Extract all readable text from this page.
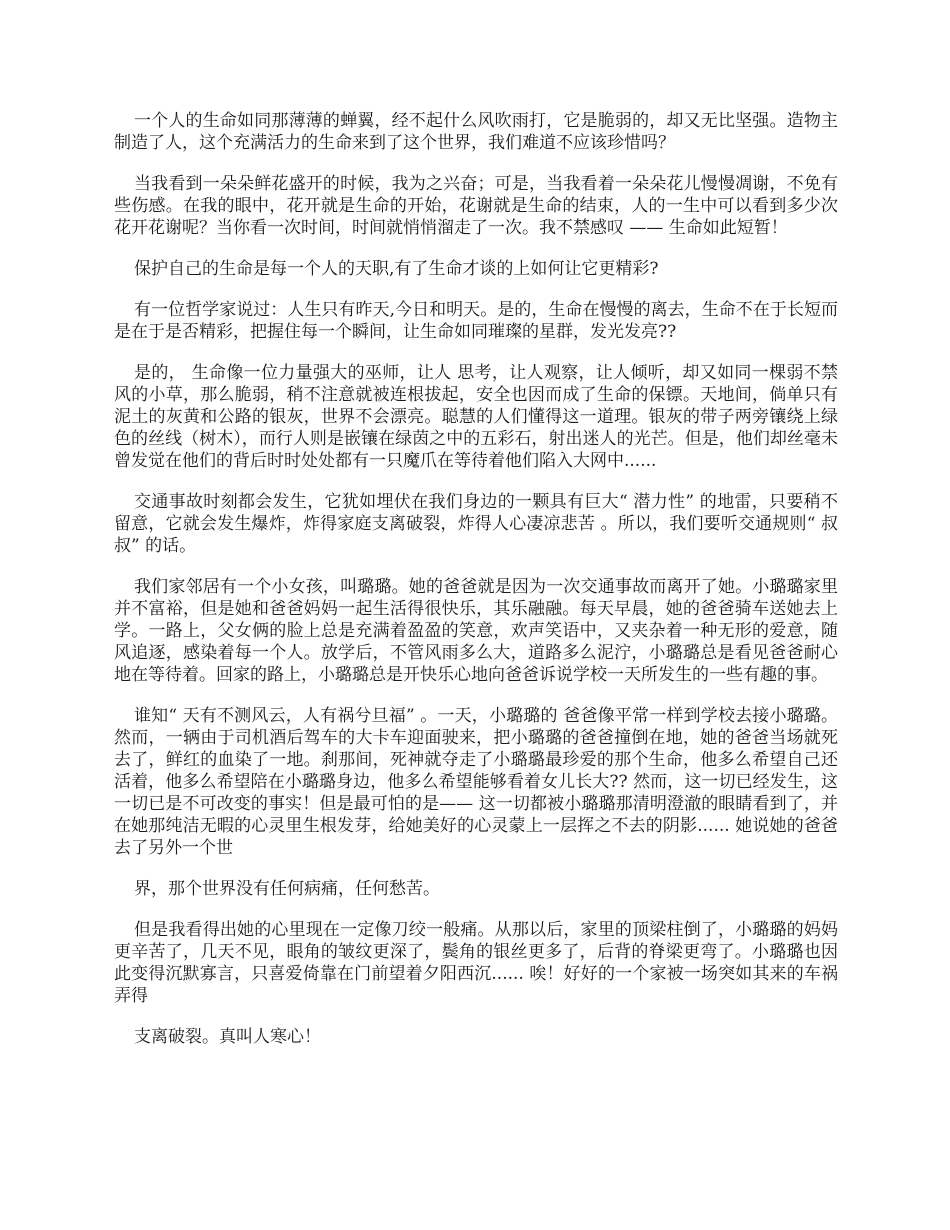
一个人的生命如同那薄薄的蝉翼，经不起什么风吹雨打，它是脆弱的，却又无比坚强。造物主制造了人，这个充满活力的生命来到了这个世界，我们难道不应该珍惜吗？

当我看到一朵朵鲜花盛开的时候，我为之兴奋；可是，当我看着一朵朵花儿慢慢凋谢，不免有些伤感。在我的眼中，花开就是生命的开始，花谢就是生命的结束，人的一生中可以看到多少次花开花谢呢？当你看一次时间，时间就悄悄溜走了一次。我不禁感叹 —— 生命如此短暂！

保护自己的生命是每一个人的天职,有了生命才谈的上如何让它更精彩?

有一位哲学家说过：人生只有昨天,今日和明天。是的，生命在慢慢的离去，生命不在于长短而是在于是否精彩，把握住每一个瞬间，让生命如同璀璨的星群，发光发亮??

是的， 生命像一位力量强大的巫师，让人 思考，让人观察，让人倾听，却又如同一棵弱不禁风的小草，那么脆弱，稍不注意就被连根拔起，安全也因而成了生命的保镖。天地间，倘单只有泥土的灰黄和公路的银灰，世界不会漂亮。聪慧的人们懂得这一道理。银灰的带子两旁镶绕上绿色的丝线（树木），而行人则是嵌镶在绿茵之中的五彩石，射出迷人的光芒。但是，他们却丝毫未曾发觉在他们的背后时时处处都有一只魔爪在等待着他们陷入大网中......

交通事故时刻都会发生，它犹如埋伏在我们身边的一颗具有巨大“ 潜力性” 的地雷，只要稍不留意，它就会发生爆炸，炸得家庭支离破裂，炸得人心凄凉悲苦 。所以，我们要听交通规则“ 叔叔” 的话。

我们家邻居有一个小女孩，叫璐璐。她的爸爸就是因为一次交通事故而离开了她。小璐璐家里并不富裕，但是她和爸爸妈妈一起生活得很快乐，其乐融融。每天早晨，她的爸爸骑车送她去上学。一路上，父女俩的脸上总是充满着盈盈的笑意，欢声笑语中，又夹杂着一种无形的爱意，随风追逐，感染着每一个人。放学后，不管风雨多么大，道路多么泥泞，小璐璐总是看见爸爸耐心地在等待着。回家的路上，小璐璐总是开快乐心地向爸爸诉说学校一天所发生的一些有趣的事。

谁知“ 天有不测风云，人有祸兮旦福” 。一天，小璐璐的 爸爸像平常一样到学校去接小璐璐。然而，一辆由于司机酒后驾车的大卡车迎面驶来，把小璐璐的爸爸撞倒在地，她的爸爸当场就死去了，鲜红的血染了一地。刹那间，死神就夺走了小璐璐最珍爱的那个生命，他多么希望自己还活着，他多么希望陪在小璐璐身边，他多么希望能够看着女儿长大?? 然而，这一切已经发生，这一切已是不可改变的事实！但是最可怕的是—— 这一切都被小璐璐那清明澄澈的眼睛看到了，并在她那纯洁无暇的心灵里生根发芽，给她美好的心灵蒙上一层挥之不去的阴影...... 她说她的爸爸去了另外一个世

界，那个世界没有任何病痛，任何愁苦。

但是我看得出她的心里现在一定像刀绞一般痛。从那以后，家里的顶梁柱倒了，小璐璐的妈妈更辛苦了，几天不见，眼角的皱纹更深了，鬓角的银丝更多了，后背的脊梁更弯了。小璐璐也因此变得沉默寡言，只喜爱倚靠在门前望着夕阳西沉...... 唉！好好的一个家被一场突如其来的车祸弄得

支离破裂。真叫人寒心！
